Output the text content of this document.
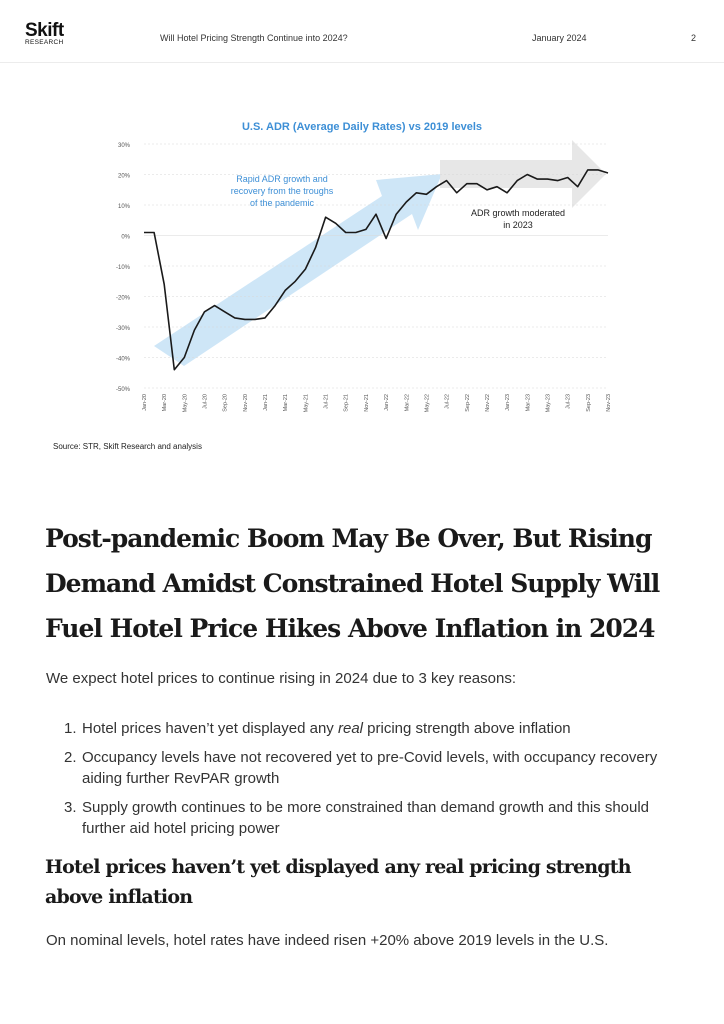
Skift
RESEARCH	Will Hotel Pricing Strength Continue into 2024?	January 2024	2
30%
20%
10%
0%
-10%
-20%
-30%
-40%
-50%
Jan-20	Mar-20	May-20	Jul-20	Sep-20	Nov-20	Jan-21	Mar-21	May-21	Jul-21	Sep-21	Nov-21	Jan-22	Mar-22	May-22	Jul-22	Sep-22	Nov-22	Jan-23	Mar-23	May-23	Jul-23	Sep-23	Nov-23
U.S. ADR (Average Daily Rates) vs 2019 levels
Rapid ADR growth and recovery from the troughs of the pandemic
ADR growth moderated in 2023
Source: STR, Skift Research and analysis
Post-pandemic Boom May Be Over, But Rising Demand Amidst Constrained Hotel Supply Will Fuel Hotel Price Hikes Above Inflation in 2024

We expect hotel prices to continue rising in 2024 due to 3 key reasons:

1. Hotel prices haven’t yet displayed any real pricing strength above inflation
2. Occupancy levels have not recovered yet to pre-Covid levels, with occupancy recovery aiding further RevPAR growth
3. Supply growth continues to be more constrained than demand growth and this should further aid hotel pricing power
Hotel prices haven’t yet displayed any real pricing strength above inflation

On nominal levels, hotel rates have indeed risen +20% above 2019 levels in the U.S.
